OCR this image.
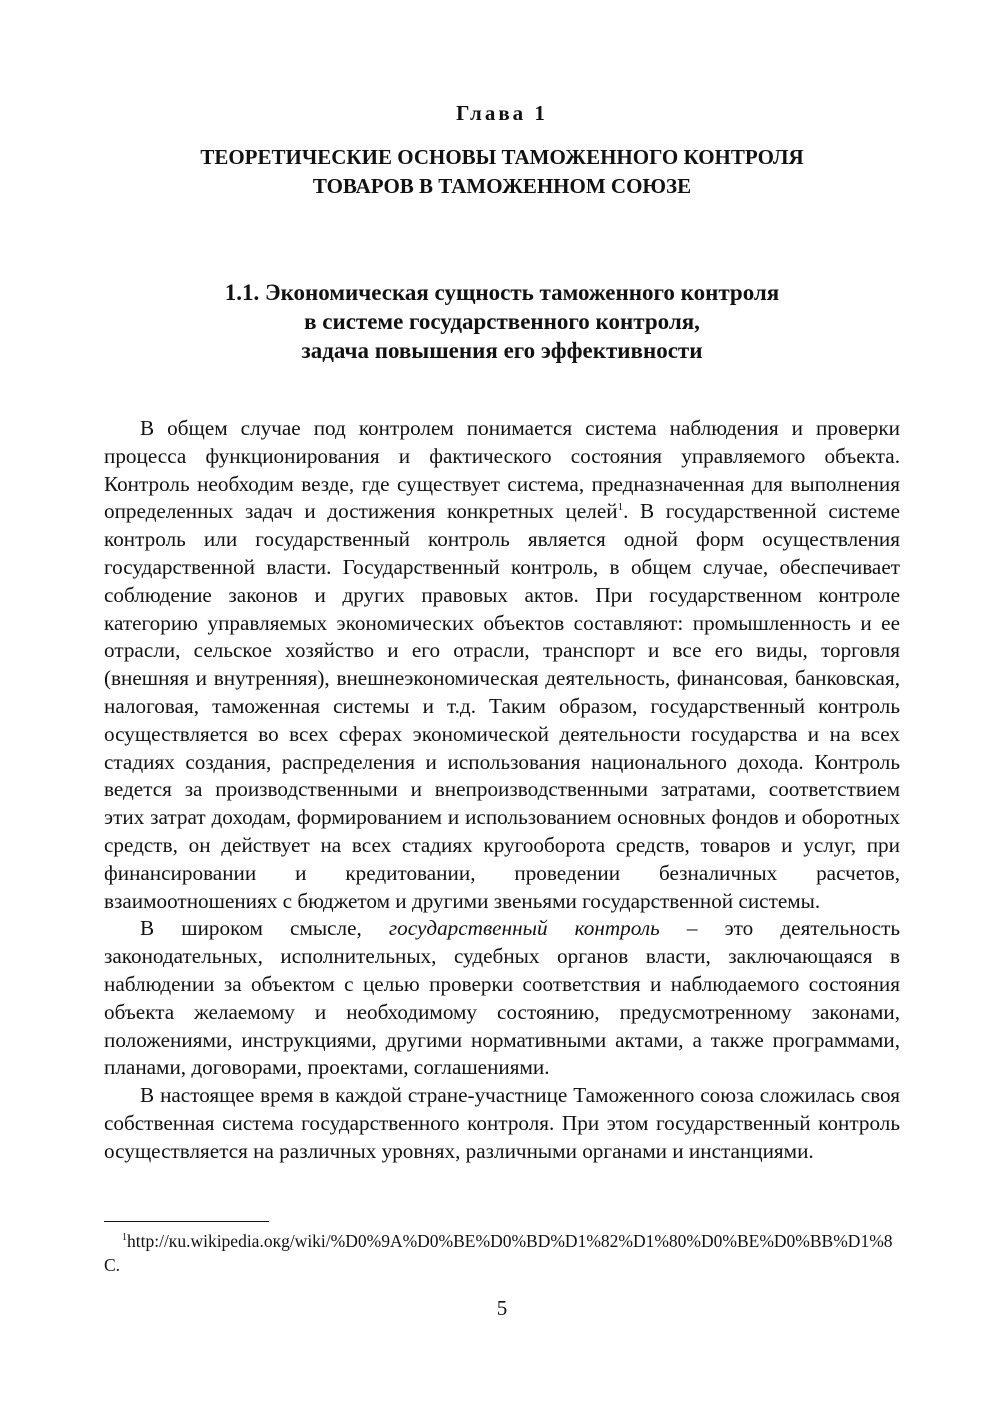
Глава 1
ТЕОРЕТИЧЕСКИЕ ОСНОВЫ ТАМОЖЕННОГО КОНТРОЛЯ
ТОВАРОВ В ТАМОЖЕННОМ СОЮЗЕ
1.1. Экономическая сущность таможенного контроля
в системе государственного контроля,
задача повышения его эффективности

В общем случае под контролем понимается система наблюдения и проверки процесса функционирования и фактического состояния управляемого объекта. Контроль необходим везде, где существует система, предназначенная для выполнения определенных задач и достижения конкретных целей$^1$. В государственной системе контроль или государственный контроль является одной форм осуществления государственной власти. Государственный контроль, в общем случае, обеспечивает соблюдение законов и других правовых актов. При государственном контроле категорию управляемых экономических объектов составляют: промышленность и ее отрасли, сельское хозяйство и его отрасли, транспорт и все его виды, торговля (внешняя и внутренняя), внешнеэкономическая деятельность, финансовая, банковская, налоговая, таможенная системы и т.д. Таким образом, государственный контроль осуществляется во всех сферах экономической деятельности государства и на всех стадиях создания, распределения и использования национального дохода. Контроль ведется за производственными и внепроизводственными затратами, соответствием этих затрат доходам, формированием и использованием основных фондов и оборотных средств, он действует на всех стадиях кругооборота средств, товаров и услуг, при финансировании и кредитовании, проведении безналичных расчетов, взаимоотношениях с бюджетом и другими звеньями государственной системы.

В широком смысле, государственный контроль – это деятельность законодательных, исполнительных, судебных органов власти, заключающаяся в наблюдении за объектом с целью проверки соответствия и наблюдаемого состояния объекта желаемому и необходимому состоянию, предусмотренному законами, положениями, инструкциями, другими нормативными актами, а также программами, планами, договорами, проектами, соглашениями.

В настоящее время в каждой стране-участнице Таможенного союза сложилась своя собственная система государственного контроля. При этом государственный контроль осуществляется на различных уровнях, различными органами и инстанциями.

$^1$http://кu.wikipedia.oкg/wiki/%D0%9A%D0%BE%D0%BD%D1%82%D1%80%D0%BE%D0%BB%D1%8C.
5
